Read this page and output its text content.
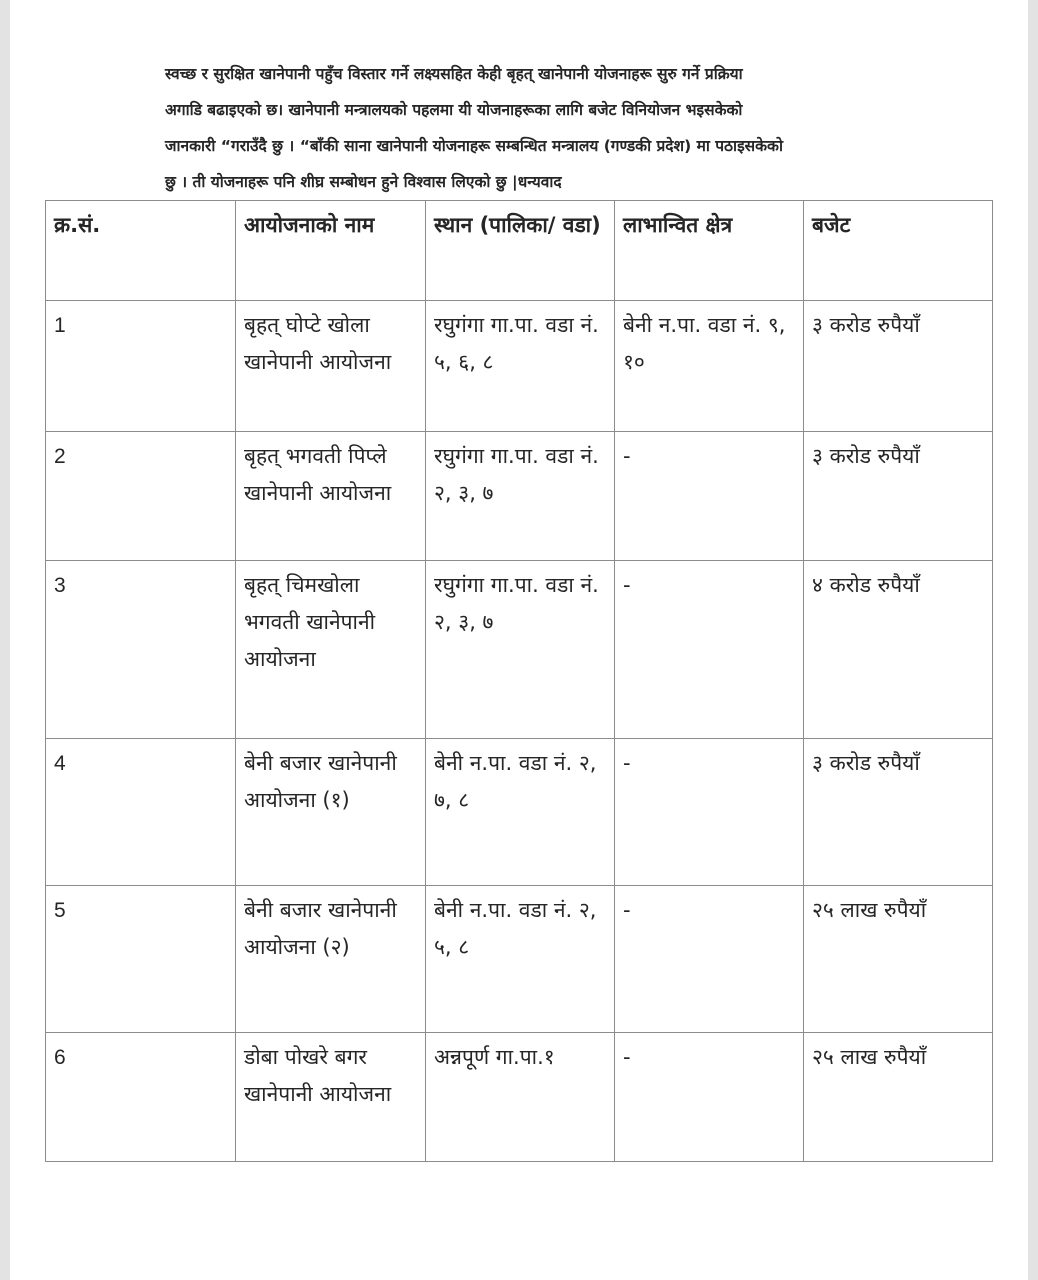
स्वच्छ र सुरक्षित खानेपानी पहुँच विस्तार गर्ने लक्ष्यसहित केही बृहत् खानेपानी योजनाहरू सुरु गर्ने प्रक्रिया

अगाडि बढाइएको छ। खानेपानी मन्त्रालयको पहलमा यी योजनाहरूका लागि बजेट विनियोजन भइसकेको

जानकारी “गराउँदै छु । “बाँकी साना खानेपानी योजनाहरू सम्बन्धित मन्त्रालय (गण्डकी प्रदेश) मा पठाइसकेको

छु । ती योजनाहरू पनि शीघ्र सम्बोधन हुने विश्वास लिएको छु |धन्यवाद

क्र.सं.	आयोजनाको नाम	स्थान (पालिका/ वडा)	लाभान्वित क्षेत्र	बजेट
1	बृहत् घोप्टे खोला खानेपानी आयोजना	रघुगंगा गा.पा. वडा नं. ५, ६, ८	बेनी न.पा. वडा नं. ९, १०	३ करोड रुपैयाँ
2	बृहत् भगवती पिप्ले खानेपानी आयोजना	रघुगंगा गा.पा. वडा नं. २, ३, ७	-	३ करोड रुपैयाँ
3	बृहत् चिमखोला भगवती खानेपानी आयोजना	रघुगंगा गा.पा. वडा नं. २, ३, ७	-	४ करोड रुपैयाँ
4	बेनी बजार खानेपानी आयोजना (१)	बेनी न.पा. वडा नं. २, ७, ८	-	३ करोड रुपैयाँ
5	बेनी बजार खानेपानी आयोजना (२)	बेनी न.पा. वडा नं. २, ५, ८	-	२५ लाख रुपैयाँ
6	डोबा पोखरे बगर खानेपानी आयोजना	अन्नपूर्ण गा.पा.१	-	२५ लाख रुपैयाँ
